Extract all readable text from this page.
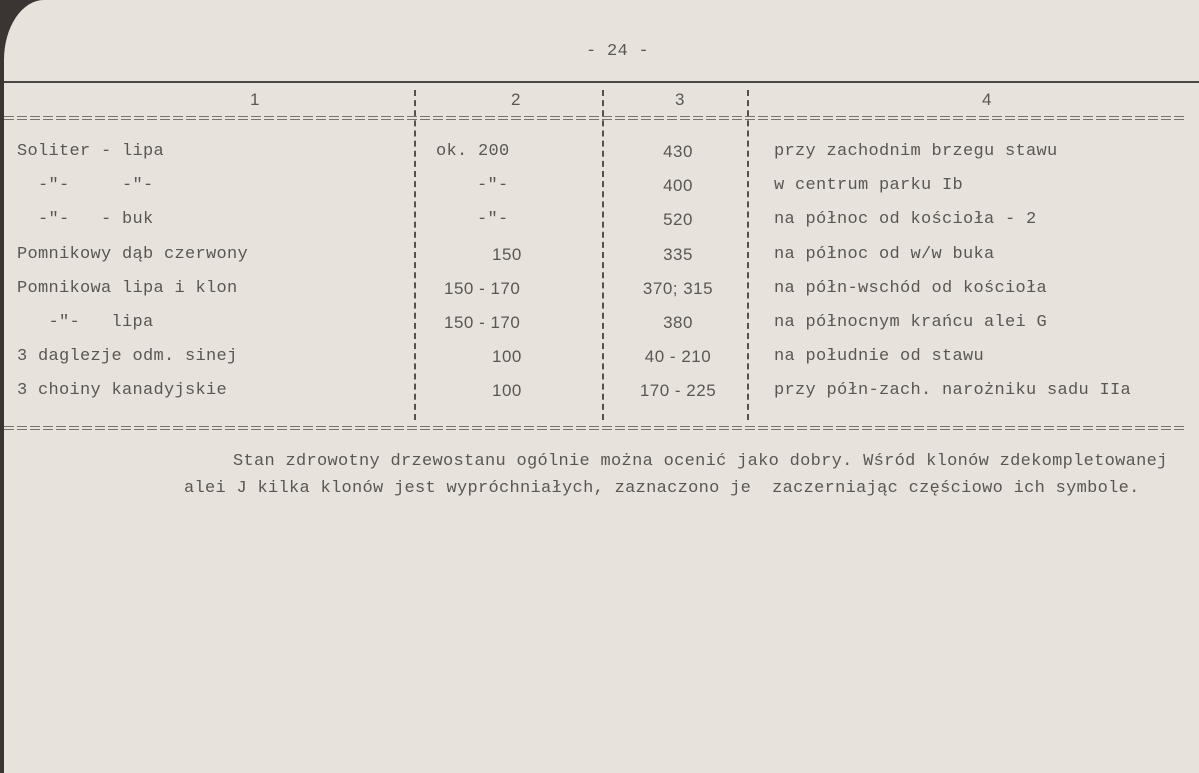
- 24 -
1	2	3	4
Soliter - lipa	ok. 200	430	przy zachodnim brzegu stawu
-"-     -"-	-"-	400	w centrum parku Ib
-"-   - buk	-"-	520	na północ od kościoła - 2
Pomnikowy dąb czerwony	150	335	na północ od w/w buka
Pomnikowa lipa i klon	150 - 170	370; 315	na półn-wschód od kościoła
-"-   lipa	150 - 170	380	na północnym krańcu alei G
3 daglezje odm. sinej	100	40 - 210	na południe od stawu
3 choiny kanadyjskie	100	170 - 225	przy półn-zach. narożniku sadu IIa
Stan zdrowotny drzewostanu ogólnie można ocenić jako dobry. Wśród klonów zdekompletowanej
alei J kilka klonów jest wypróchniałych, zaznaczono je  zaczerniając częściowo ich symbole.
